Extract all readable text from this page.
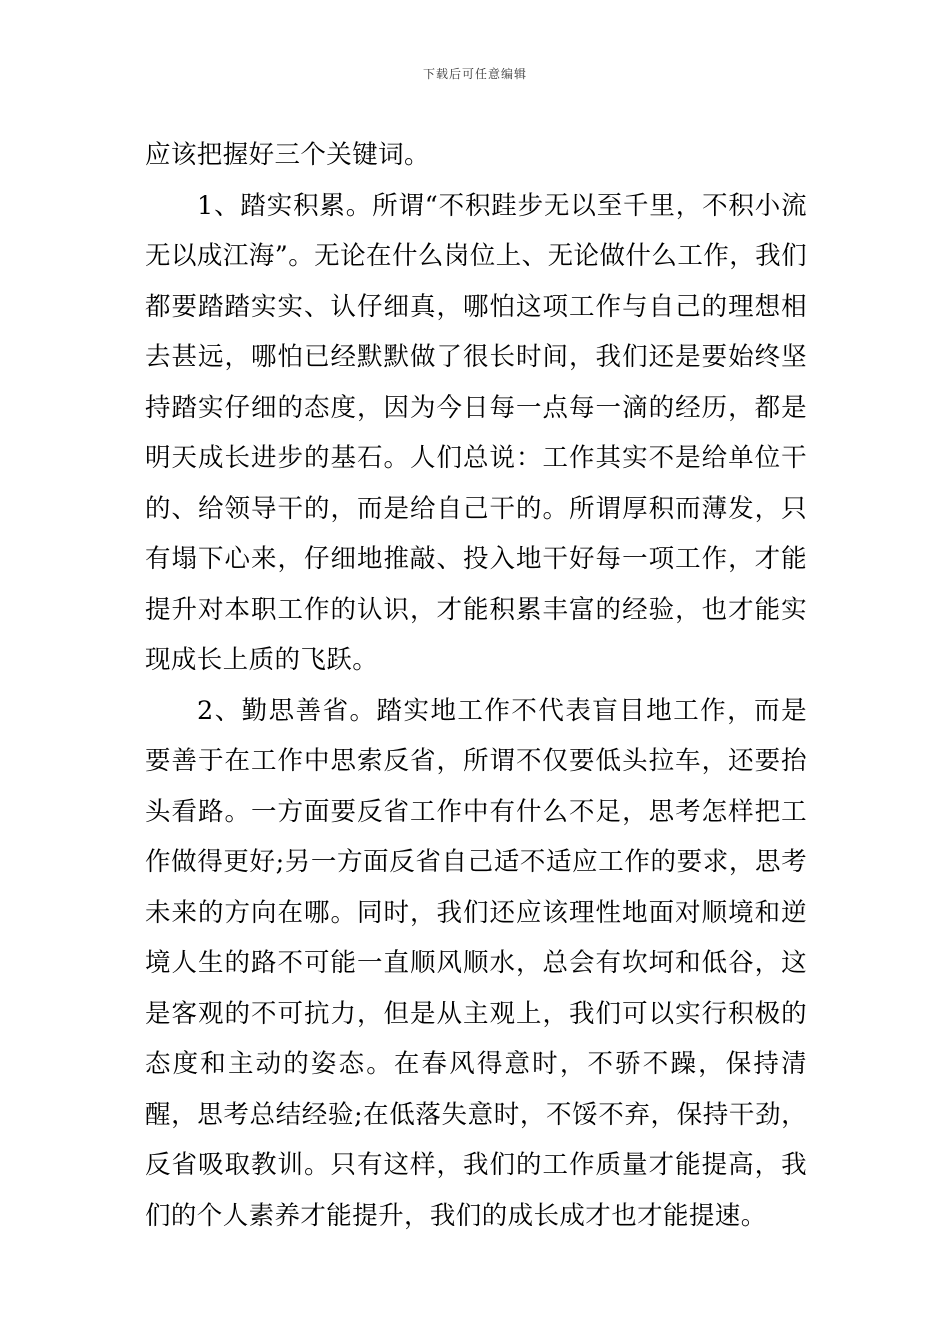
下载后可任意编辑

应该把握好三个关键词。

1、踏实积累。所谓“不积跬步无以至千里，不积小流无以成江海”。无论在什么岗位上、无论做什么工作，我们都要踏踏实实、认仔细真，哪怕这项工作与自己的理想相去甚远，哪怕已经默默做了很长时间，我们还是要始终坚持踏实仔细的态度，因为今日每一点每一滴的经历，都是明天成长进步的基石。人们总说：工作其实不是给单位干的、给领导干的，而是给自己干的。所谓厚积而薄发，只有塌下心来，仔细地推敲、投入地干好每一项工作，才能提升对本职工作的认识，才能积累丰富的经验，也才能实现成长上质的飞跃。

2、勤思善省。踏实地工作不代表盲目地工作，而是要善于在工作中思索反省，所谓不仅要低头拉车，还要抬头看路。一方面要反省工作中有什么不足，思考怎样把工作做得更好;另一方面反省自己适不适应工作的要求，思考未来的方向在哪。同时，我们还应该理性地面对顺境和逆境人生的路不可能一直顺风顺水，总会有坎坷和低谷，这是客观的不可抗力，但是从主观上，我们可以实行积极的态度和主动的姿态。在春风得意时，不骄不躁，保持清醒，思考总结经验;在低落失意时，不馁不弃，保持干劲，反省吸取教训。只有这样，我们的工作质量才能提高，我们的个人素养才能提升，我们的成长成才也才能提速。
